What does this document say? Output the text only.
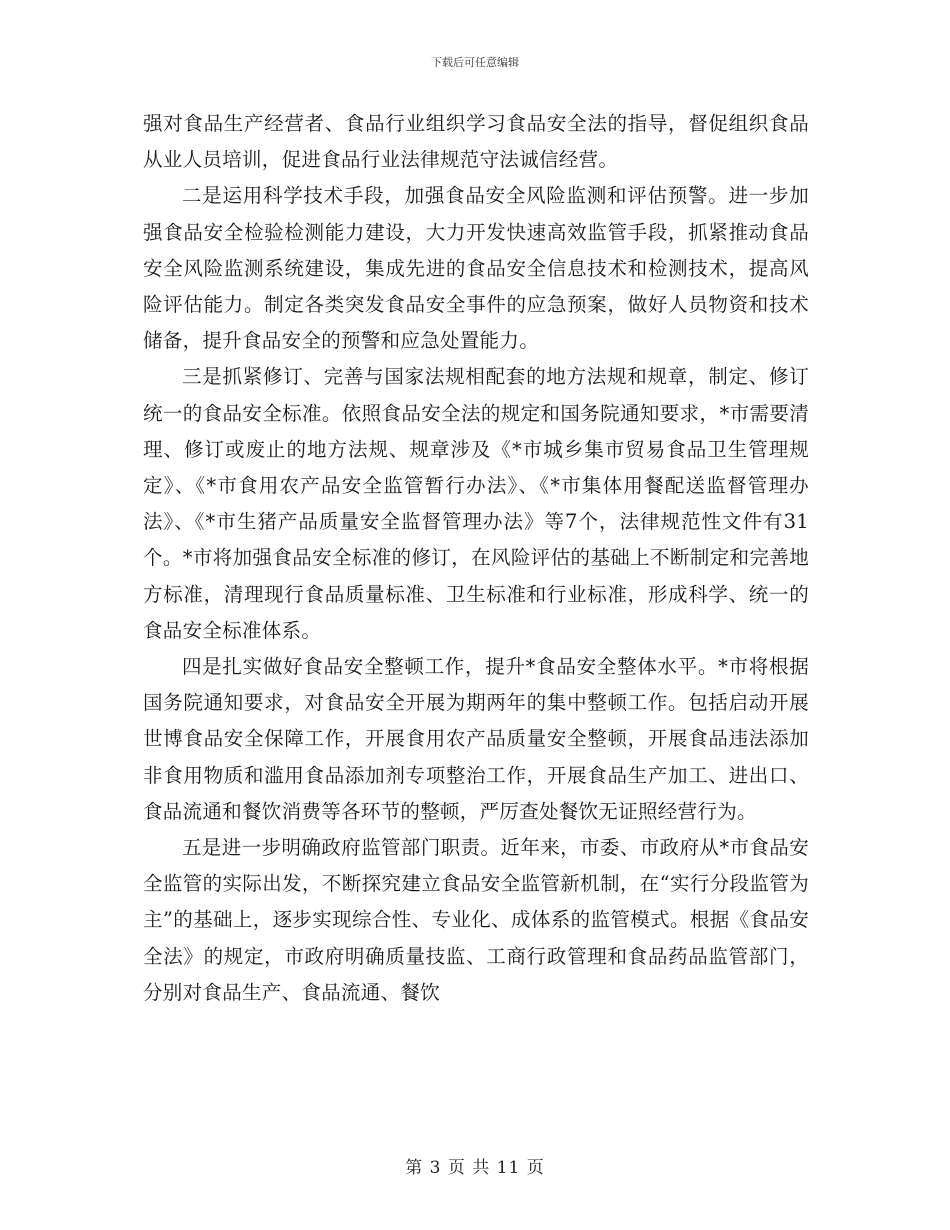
下载后可任意编辑

强对食品生产经营者、食品行业组织学习食品安全法的指导，督促组织食品从业人员培训，促进食品行业法律规范守法诚信经营。

二是运用科学技术手段，加强食品安全风险监测和评估预警。进一步加强食品安全检验检测能力建设，大力开发快速高效监管手段，抓紧推动食品安全风险监测系统建设，集成先进的食品安全信息技术和检测技术，提高风险评估能力。制定各类突发食品安全事件的应急预案，做好人员物资和技术储备，提升食品安全的预警和应急处置能力。

三是抓紧修订、完善与国家法规相配套的地方法规和规章，制定、修订统一的食品安全标准。依照食品安全法的规定和国务院通知要求，*市需要清理、修订或废止的地方法规、规章涉及《*市城乡集市贸易食品卫生管理规定》、《*市食用农产品安全监管暂行办法》、《*市集体用餐配送监督管理办法》、《*市生猪产品质量安全监督管理办法》等7个，法律规范性文件有31个。*市将加强食品安全标准的修订，在风险评估的基础上不断制定和完善地方标准，清理现行食品质量标准、卫生标准和行业标准，形成科学、统一的食品安全标准体系。

四是扎实做好食品安全整顿工作，提升*食品安全整体水平。*市将根据国务院通知要求，对食品安全开展为期两年的集中整顿工作。包括启动开展世博食品安全保障工作，开展食用农产品质量安全整顿，开展食品违法添加非食用物质和滥用食品添加剂专项整治工作，开展食品生产加工、进出口、食品流通和餐饮消费等各环节的整顿，严厉查处餐饮无证照经营行为。

五是进一步明确政府监管部门职责。近年来，市委、市政府从*市食品安全监管的实际出发，不断探究建立食品安全监管新机制，在“实行分段监管为主”的基础上，逐步实现综合性、专业化、成体系的监管模式。根据《食品安全法》的规定，市政府明确质量技监、工商行政管理和食品药品监管部门，分别对食品生产、食品流通、餐饮

第 3 页 共 11 页
